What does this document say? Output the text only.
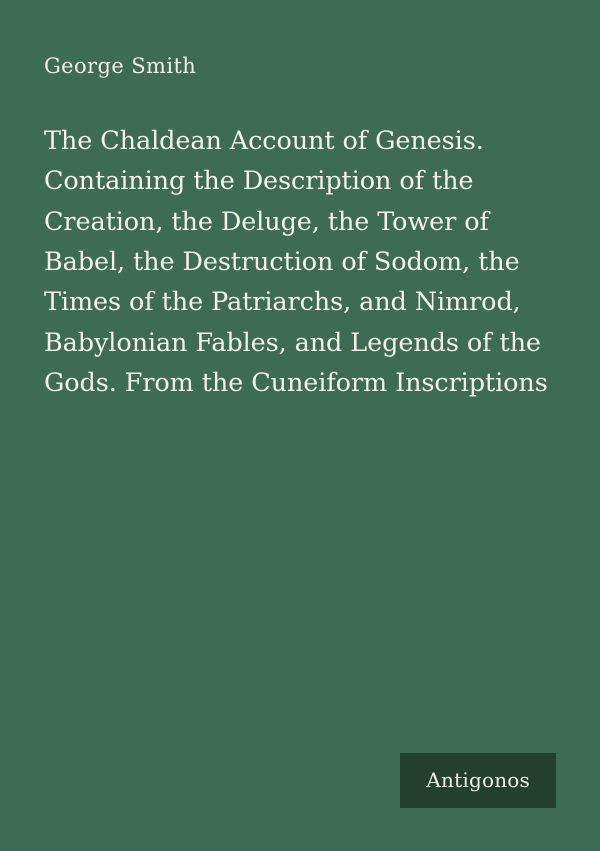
George Smith
The Chaldean Account of Genesis. Containing the Description of the Creation, the Deluge, the Tower of Babel, the Destruction of Sodom, the Times of the Patriarchs, and Nimrod, Babylonian Fables, and Legends of the Gods. From the Cuneiform Inscriptions
Antigonos
